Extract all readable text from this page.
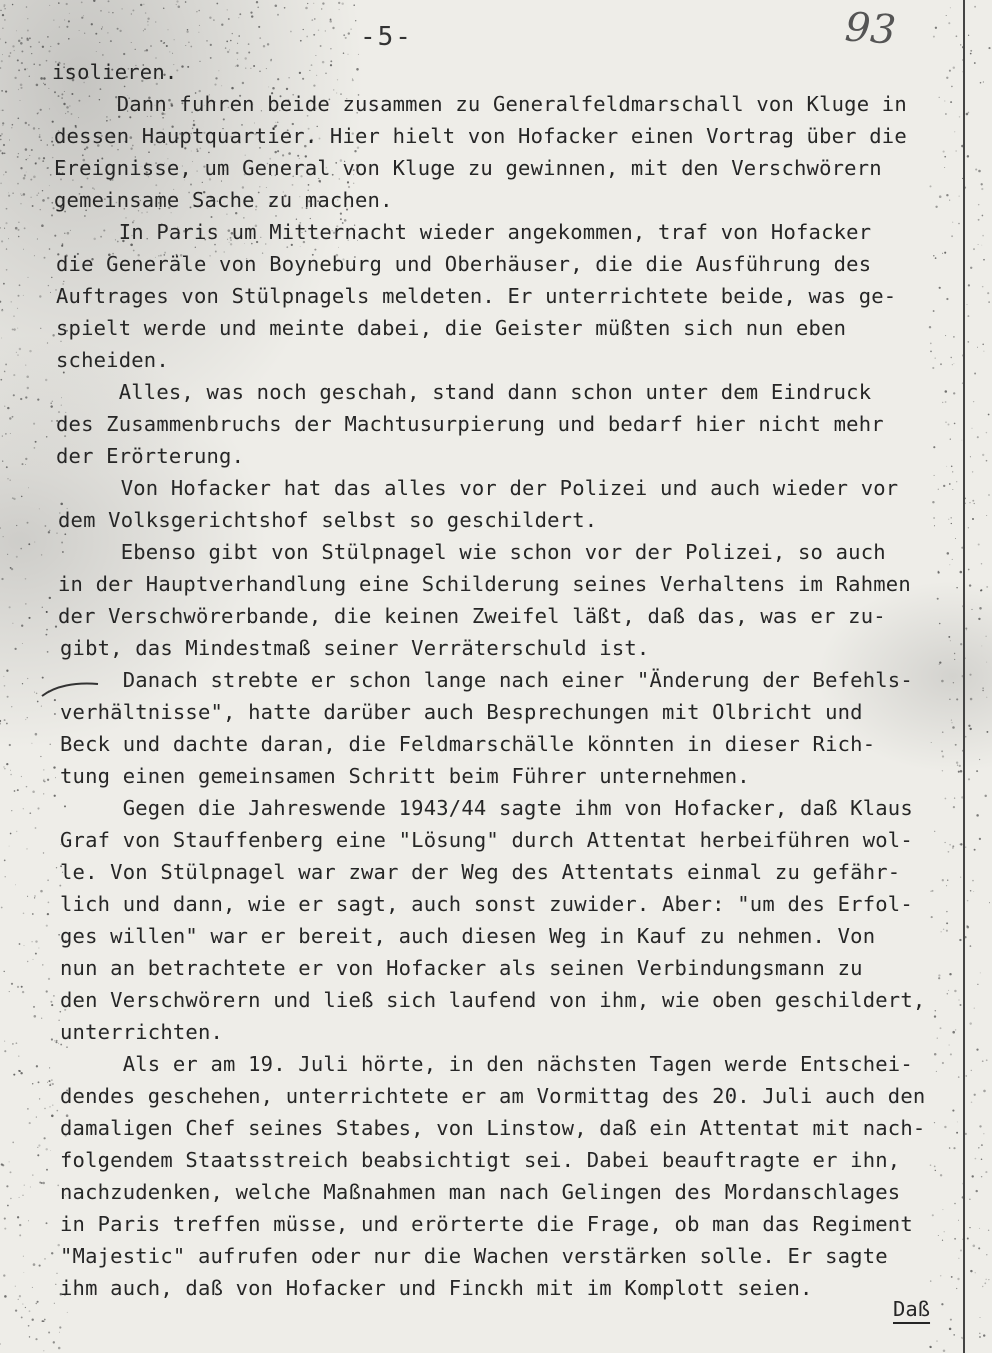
-5-	93
isolieren.
Dann fuhren beide zusammen zu Generalfeldmarschall von Kluge in
dessen Hauptquartier. Hier hielt von Hofacker einen Vortrag über die
Ereignisse, um General von Kluge zu gewinnen, mit den Verschwörern
gemeinsame Sache zu machen.
In Paris um Mitternacht wieder angekommen, traf von Hofacker
die Generäle von Boyneburg und Oberhäuser, die die Ausführung des
Auftrages von Stülpnagels meldeten. Er unterrichtete beide, was ge-
spielt werde und meinte dabei, die Geister müßten sich nun eben
scheiden.
Alles, was noch geschah, stand dann schon unter dem Eindruck
des Zusammenbruchs der Machtusurpierung und bedarf hier nicht mehr
der Erörterung.
Von Hofacker hat das alles vor der Polizei und auch wieder vor
dem Volksgerichtshof selbst so geschildert.
Ebenso gibt von Stülpnagel wie schon vor der Polizei, so auch
in der Hauptverhandlung eine Schilderung seines Verhaltens im Rahmen
der Verschwörerbande, die keinen Zweifel läßt, daß das, was er zu-
gibt, das Mindestmaß seiner Verräterschuld ist.
Danach strebte er schon lange nach einer "Änderung der Befehls-
verhältnisse", hatte darüber auch Besprechungen mit Olbricht und
Beck und dachte daran, die Feldmarschälle könnten in dieser Rich-
tung einen gemeinsamen Schritt beim Führer unternehmen.
Gegen die Jahreswende 1943/44 sagte ihm von Hofacker, daß Klaus
Graf von Stauffenberg eine "Lösung" durch Attentat herbeiführen wol-
le. Von Stülpnagel war zwar der Weg des Attentats einmal zu gefähr-
lich und dann, wie er sagt, auch sonst zuwider. Aber: "um des Erfol-
ges willen" war er bereit, auch diesen Weg in Kauf zu nehmen. Von
nun an betrachtete er von Hofacker als seinen Verbindungsmann zu
den Verschwörern und ließ sich laufend von ihm, wie oben geschildert,
unterrichten.
Als er am 19. Juli hörte, in den nächsten Tagen werde Entschei-
dendes geschehen, unterrichtete er am Vormittag des 20. Juli auch den
damaligen Chef seines Stabes, von Linstow, daß ein Attentat mit nach-
folgendem Staatsstreich beabsichtigt sei. Dabei beauftragte er ihn,
nachzudenken, welche Maßnahmen man nach Gelingen des Mordanschlages
in Paris treffen müsse, und erörterte die Frage, ob man das Regiment
"Majestic" aufrufen oder nur die Wachen verstärken solle. Er sagte
ihm auch, daß von Hofacker und Finckh mit im Komplott seien.
Daß
